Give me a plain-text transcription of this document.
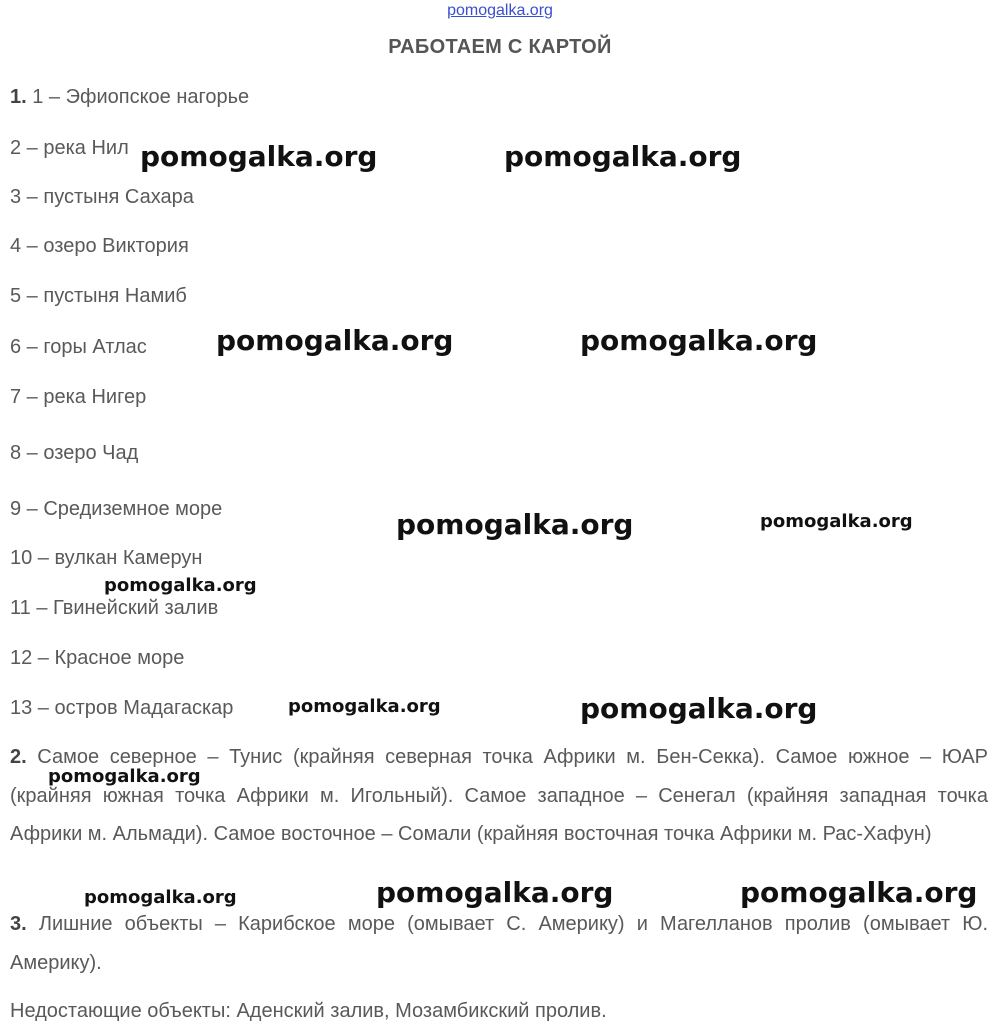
pomogalka.org
РАБОТАЕМ С КАРТОЙ
1. 1 – Эфиопское нагорье
2 – река Нил
3 – пустыня Сахара
4 – озеро Виктория
5 – пустыня Намиб
6 – горы Атлас
7 – река Нигер
8 – озеро Чад
9 – Средиземное море
10 – вулкан Камерун
11 – Гвинейский залив
12 – Красное море
13 – остров Мадагаскар
2. Самое северное – Тунис (крайняя северная точка Африки м. Бен-Секка). Самое южное – ЮАР (крайняя южная точка Африки м. Игольный). Самое западное – Сенегал (крайняя западная точка Африки м. Альмади). Самое восточное – Сомали (крайняя восточная точка Африки м. Рас-Хафун)
3. Лишние объекты – Карибское море (омывает С. Америку) и Магелланов пролив (омывает Ю. Америку).
Недостающие объекты: Аденский залив, Мозамбикский пролив.
pomogalka.org	pomogalka.org
pomogalka.org	pomogalka.org
pomogalka.org	pomogalka.org
pomogalka.org
pomogalka.org	pomogalka.org
pomogalka.org
pomogalka.org	pomogalka.org	pomogalka.org
